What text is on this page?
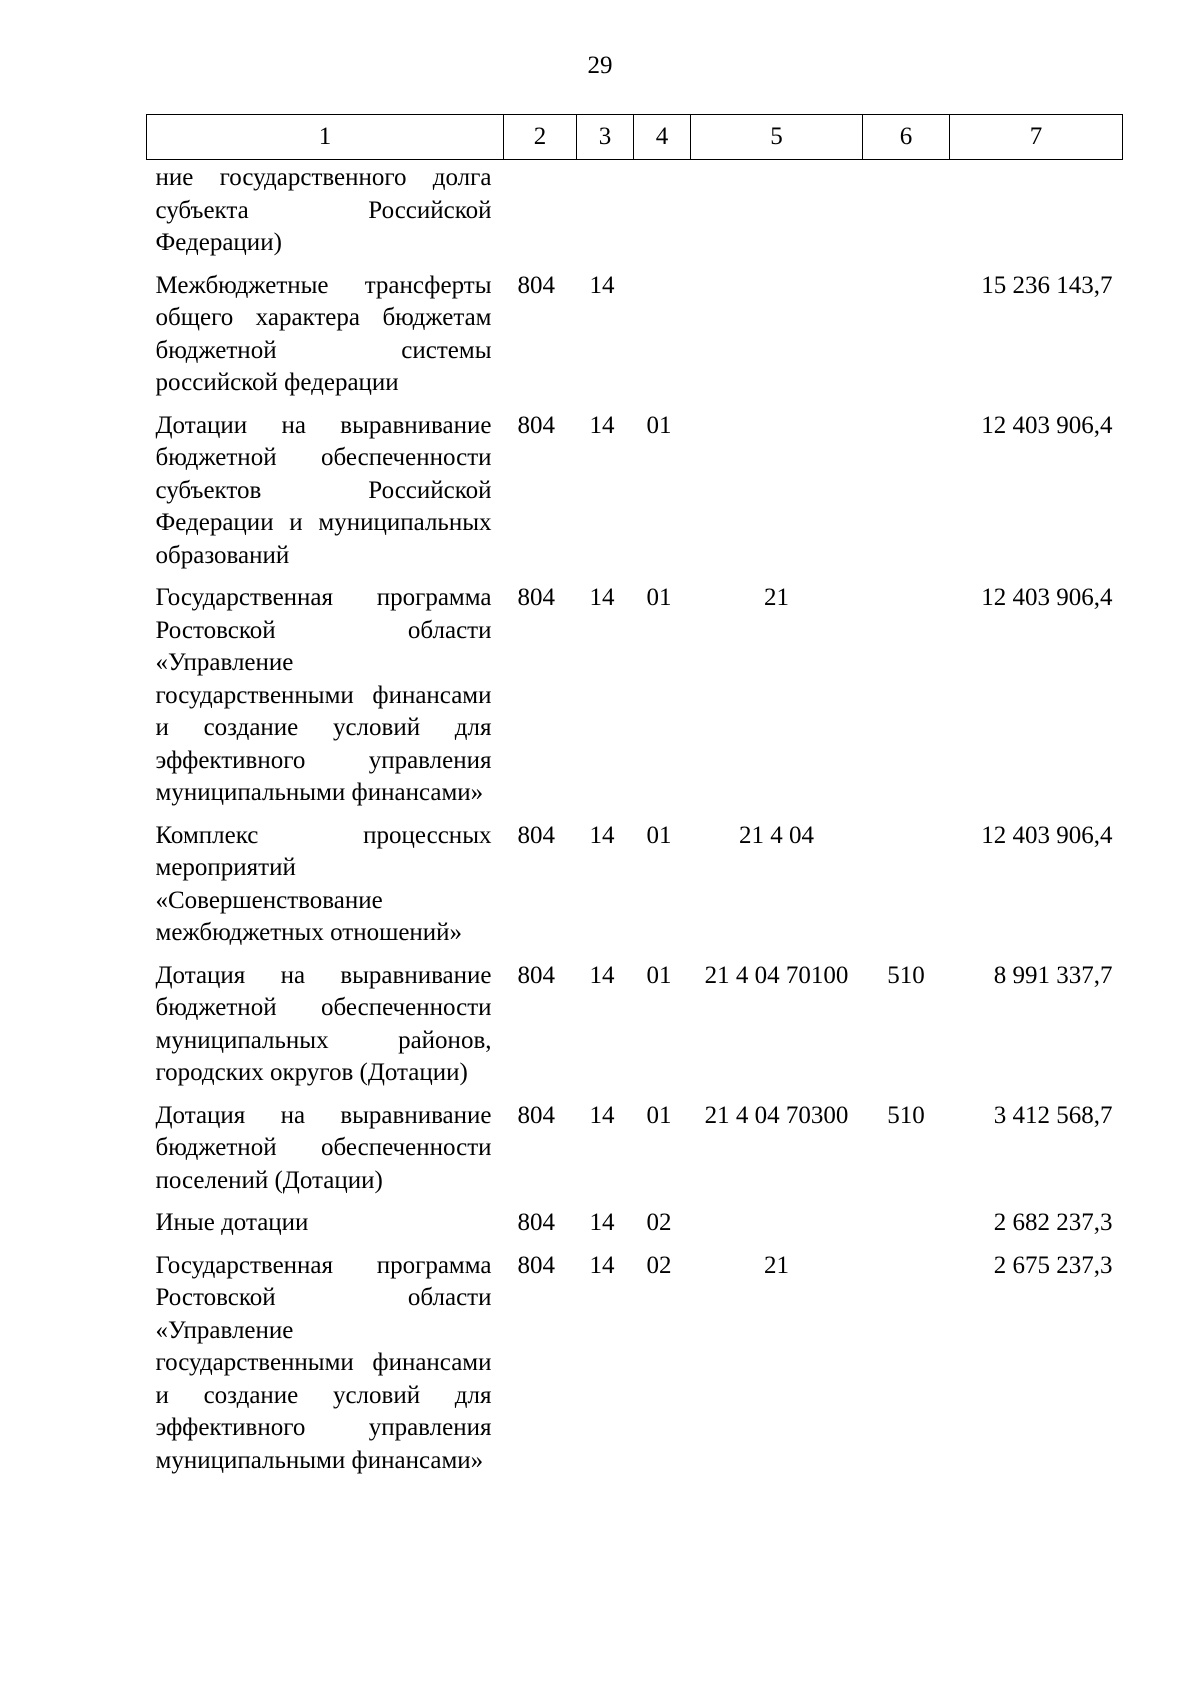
29
1	2	3	4	5	6	7
ние государственного долга субъекта Российской Федерации)						
Межбюджетные трансферты общего характера бюджетам бюджетной системы российской федерации	804	14				15 236 143,7
Дотации на выравнивание бюджетной обеспеченности субъектов Российской Федерации и муниципальных образований	804	14	01			12 403 906,4
Государственная программа Ростовской области «Управление государственными финансами и создание условий для эффективного управления муниципальными финансами»	804	14	01	21		12 403 906,4
Комплекс процессных мероприятий «Совершенствование межбюджетных отношений»	804	14	01	21 4 04		12 403 906,4
Дотация на выравнивание бюджетной обеспеченности муниципальных районов, городских округов (Дотации)	804	14	01	21 4 04 70100	510	8 991 337,7
Дотация на выравнивание бюджетной обеспеченности поселений (Дотации)	804	14	01	21 4 04 70300	510	3 412 568,7
Иные дотации	804	14	02			2 682 237,3
Государственная программа Ростовской области «Управление государственными финансами и создание условий для эффективного управления муниципальными финансами»	804	14	02	21		2 675 237,3
